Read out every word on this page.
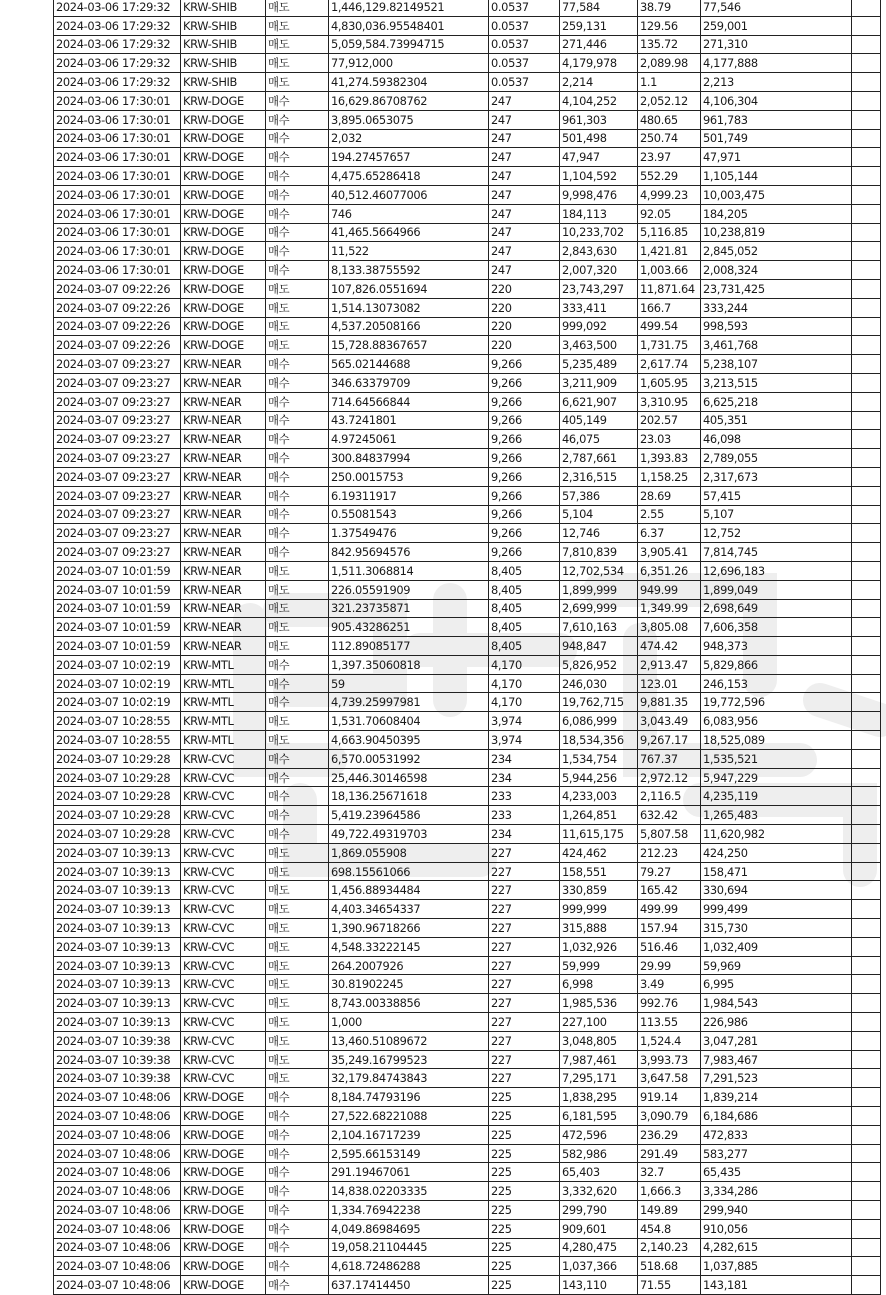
2024-03-06 17:29:32	KRW-SHIB	매도	1,446,129.82149521	0.0537	77,584	38.79	77,546	
2024-03-06 17:29:32	KRW-SHIB	매도	4,830,036.95548401	0.0537	259,131	129.56	259,001	
2024-03-06 17:29:32	KRW-SHIB	매도	5,059,584.73994715	0.0537	271,446	135.72	271,310	
2024-03-06 17:29:32	KRW-SHIB	매도	77,912,000	0.0537	4,179,978	2,089.98	4,177,888	
2024-03-06 17:29:32	KRW-SHIB	매도	41,274.59382304	0.0537	2,214	1.1	2,213	
2024-03-06 17:30:01	KRW-DOGE	매수	16,629.86708762	247	4,104,252	2,052.12	4,106,304	
2024-03-06 17:30:01	KRW-DOGE	매수	3,895.0653075	247	961,303	480.65	961,783	
2024-03-06 17:30:01	KRW-DOGE	매수	2,032	247	501,498	250.74	501,749	
2024-03-06 17:30:01	KRW-DOGE	매수	194.27457657	247	47,947	23.97	47,971	
2024-03-06 17:30:01	KRW-DOGE	매수	4,475.65286418	247	1,104,592	552.29	1,105,144	
2024-03-06 17:30:01	KRW-DOGE	매수	40,512.46077006	247	9,998,476	4,999.23	10,003,475	
2024-03-06 17:30:01	KRW-DOGE	매수	746	247	184,113	92.05	184,205	
2024-03-06 17:30:01	KRW-DOGE	매수	41,465.5664966	247	10,233,702	5,116.85	10,238,819	
2024-03-06 17:30:01	KRW-DOGE	매수	11,522	247	2,843,630	1,421.81	2,845,052	
2024-03-06 17:30:01	KRW-DOGE	매수	8,133.38755592	247	2,007,320	1,003.66	2,008,324	
2024-03-07 09:22:26	KRW-DOGE	매도	107,826.0551694	220	23,743,297	11,871.64	23,731,425	
2024-03-07 09:22:26	KRW-DOGE	매도	1,514.13073082	220	333,411	166.7	333,244	
2024-03-07 09:22:26	KRW-DOGE	매도	4,537.20508166	220	999,092	499.54	998,593	
2024-03-07 09:22:26	KRW-DOGE	매도	15,728.88367657	220	3,463,500	1,731.75	3,461,768	
2024-03-07 09:23:27	KRW-NEAR	매수	565.02144688	9,266	5,235,489	2,617.74	5,238,107	
2024-03-07 09:23:27	KRW-NEAR	매수	346.63379709	9,266	3,211,909	1,605.95	3,213,515	
2024-03-07 09:23:27	KRW-NEAR	매수	714.64566844	9,266	6,621,907	3,310.95	6,625,218	
2024-03-07 09:23:27	KRW-NEAR	매수	43.7241801	9,266	405,149	202.57	405,351	
2024-03-07 09:23:27	KRW-NEAR	매수	4.97245061	9,266	46,075	23.03	46,098	
2024-03-07 09:23:27	KRW-NEAR	매수	300.84837994	9,266	2,787,661	1,393.83	2,789,055	
2024-03-07 09:23:27	KRW-NEAR	매수	250.0015753	9,266	2,316,515	1,158.25	2,317,673	
2024-03-07 09:23:27	KRW-NEAR	매수	6.19311917	9,266	57,386	28.69	57,415	
2024-03-07 09:23:27	KRW-NEAR	매수	0.55081543	9,266	5,104	2.55	5,107	
2024-03-07 09:23:27	KRW-NEAR	매수	1.37549476	9,266	12,746	6.37	12,752	
2024-03-07 09:23:27	KRW-NEAR	매수	842.95694576	9,266	7,810,839	3,905.41	7,814,745	
2024-03-07 10:01:59	KRW-NEAR	매도	1,511.3068814	8,405	12,702,534	6,351.26	12,696,183	
2024-03-07 10:01:59	KRW-NEAR	매도	226.05591909	8,405	1,899,999	949.99	1,899,049	
2024-03-07 10:01:59	KRW-NEAR	매도	321.23735871	8,405	2,699,999	1,349.99	2,698,649	
2024-03-07 10:01:59	KRW-NEAR	매도	905.43286251	8,405	7,610,163	3,805.08	7,606,358	
2024-03-07 10:01:59	KRW-NEAR	매도	112.89085177	8,405	948,847	474.42	948,373	
2024-03-07 10:02:19	KRW-MTL	매수	1,397.35060818	4,170	5,826,952	2,913.47	5,829,866	
2024-03-07 10:02:19	KRW-MTL	매수	59	4,170	246,030	123.01	246,153	
2024-03-07 10:02:19	KRW-MTL	매수	4,739.25997981	4,170	19,762,715	9,881.35	19,772,596	
2024-03-07 10:28:55	KRW-MTL	매도	1,531.70608404	3,974	6,086,999	3,043.49	6,083,956	
2024-03-07 10:28:55	KRW-MTL	매도	4,663.90450395	3,974	18,534,356	9,267.17	18,525,089	
2024-03-07 10:29:28	KRW-CVC	매수	6,570.00531992	234	1,534,754	767.37	1,535,521	
2024-03-07 10:29:28	KRW-CVC	매수	25,446.30146598	234	5,944,256	2,972.12	5,947,229	
2024-03-07 10:29:28	KRW-CVC	매수	18,136.25671618	233	4,233,003	2,116.5	4,235,119	
2024-03-07 10:29:28	KRW-CVC	매수	5,419.23964586	233	1,264,851	632.42	1,265,483	
2024-03-07 10:29:28	KRW-CVC	매수	49,722.49319703	234	11,615,175	5,807.58	11,620,982	
2024-03-07 10:39:13	KRW-CVC	매도	1,869.055908	227	424,462	212.23	424,250	
2024-03-07 10:39:13	KRW-CVC	매도	698.15561066	227	158,551	79.27	158,471	
2024-03-07 10:39:13	KRW-CVC	매도	1,456.88934484	227	330,859	165.42	330,694	
2024-03-07 10:39:13	KRW-CVC	매도	4,403.34654337	227	999,999	499.99	999,499	
2024-03-07 10:39:13	KRW-CVC	매도	1,390.96718266	227	315,888	157.94	315,730	
2024-03-07 10:39:13	KRW-CVC	매도	4,548.33222145	227	1,032,926	516.46	1,032,409	
2024-03-07 10:39:13	KRW-CVC	매도	264.2007926	227	59,999	29.99	59,969	
2024-03-07 10:39:13	KRW-CVC	매도	30.81902245	227	6,998	3.49	6,995	
2024-03-07 10:39:13	KRW-CVC	매도	8,743.00338856	227	1,985,536	992.76	1,984,543	
2024-03-07 10:39:13	KRW-CVC	매도	1,000	227	227,100	113.55	226,986	
2024-03-07 10:39:38	KRW-CVC	매도	13,460.51089672	227	3,048,805	1,524.4	3,047,281	
2024-03-07 10:39:38	KRW-CVC	매도	35,249.16799523	227	7,987,461	3,993.73	7,983,467	
2024-03-07 10:39:38	KRW-CVC	매도	32,179.84743843	227	7,295,171	3,647.58	7,291,523	
2024-03-07 10:48:06	KRW-DOGE	매수	8,184.74793196	225	1,838,295	919.14	1,839,214	
2024-03-07 10:48:06	KRW-DOGE	매수	27,522.68221088	225	6,181,595	3,090.79	6,184,686	
2024-03-07 10:48:06	KRW-DOGE	매수	2,104.16717239	225	472,596	236.29	472,833	
2024-03-07 10:48:06	KRW-DOGE	매수	2,595.66153149	225	582,986	291.49	583,277	
2024-03-07 10:48:06	KRW-DOGE	매수	291.19467061	225	65,403	32.7	65,435	
2024-03-07 10:48:06	KRW-DOGE	매수	14,838.02203335	225	3,332,620	1,666.3	3,334,286	
2024-03-07 10:48:06	KRW-DOGE	매수	1,334.76942238	225	299,790	149.89	299,940	
2024-03-07 10:48:06	KRW-DOGE	매수	4,049.86984695	225	909,601	454.8	910,056	
2024-03-07 10:48:06	KRW-DOGE	매수	19,058.21104445	225	4,280,475	2,140.23	4,282,615	
2024-03-07 10:48:06	KRW-DOGE	매수	4,618.72486288	225	1,037,366	518.68	1,037,885	
2024-03-07 10:48:06	KRW-DOGE	매수	637.17414450	225	143,110	71.55	143,181	
